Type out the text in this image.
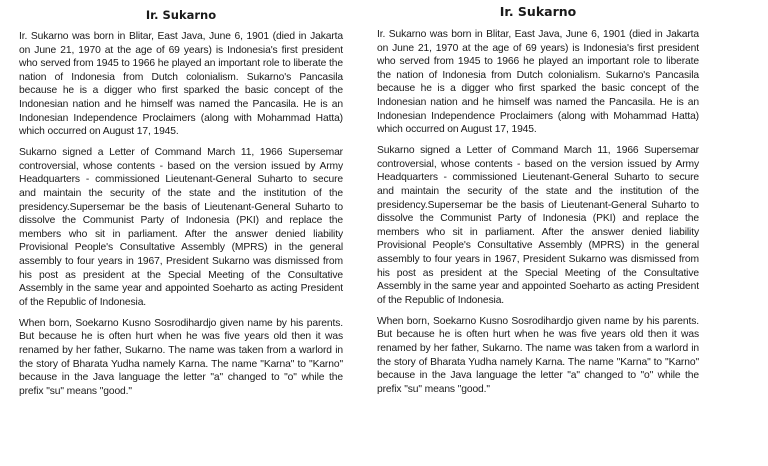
Ir. Sukarno

Ir. Sukarno was born in Blitar, East Java, June 6, 1901 (died in Jakarta on June 21, 1970 at the age of 69 years) is Indonesia's first president who served from 1945 to 1966 he played an important role to liberate the nation of Indonesia from Dutch colonialism. Sukarno's Pancasila because he is a digger who first sparked the basic concept of the Indonesian nation and he himself was named the Pancasila. He is an Indonesian Independence Proclaimers (along with Mohammad Hatta) which occurred on August 17, 1945.

Sukarno signed a Letter of Command March 11, 1966 Supersemar controversial, whose contents - based on the version issued by Army Headquarters - commissioned Lieutenant-General Suharto to secure and maintain the security of the state and the institution of the presidency.Supersemar be the basis of Lieutenant-General Suharto to dissolve the Communist Party of Indonesia (PKI) and replace the members who sit in parliament. After the answer denied liability Provisional People's Consultative Assembly (MPRS) in the general assembly to four years in 1967, President Sukarno was dismissed from his post as president at the Special Meeting of the Consultative Assembly in the same year and appointed Soeharto as acting President of the Republic of Indonesia.

When born, Soekarno Kusno Sosrodihardjo given name by his parents. But because he is often hurt when he was five years old then it was renamed by her father, Sukarno. The name was taken from a warlord in the story of Bharata Yudha namely Karna. The name "Karna" to "Karno" because in the Java language the letter "a" changed to "o" while the prefix "su" means "good."

Ir. Sukarno

Ir. Sukarno was born in Blitar, East Java, June 6, 1901 (died in Jakarta on June 21, 1970 at the age of 69 years) is Indonesia's first president who served from 1945 to 1966 he played an important role to liberate the nation of Indonesia from Dutch colonialism. Sukarno's Pancasila because he is a digger who first sparked the basic concept of the Indonesian nation and he himself was named the Pancasila. He is an Indonesian Independence Proclaimers (along with Mohammad Hatta) which occurred on August 17, 1945.

Sukarno signed a Letter of Command March 11, 1966 Supersemar controversial, whose contents - based on the version issued by Army Headquarters - commissioned Lieutenant-General Suharto to secure and maintain the security of the state and the institution of the presidency.Supersemar be the basis of Lieutenant-General Suharto to dissolve the Communist Party of Indonesia (PKI) and replace the members who sit in parliament. After the answer denied liability Provisional People's Consultative Assembly (MPRS) in the general assembly to four years in 1967, President Sukarno was dismissed from his post as president at the Special Meeting of the Consultative Assembly in the same year and appointed Soeharto as acting President of the Republic of Indonesia.

When born, Soekarno Kusno Sosrodihardjo given name by his parents. But because he is often hurt when he was five years old then it was renamed by her father, Sukarno. The name was taken from a warlord in the story of Bharata Yudha namely Karna. The name "Karna" to "Karno" because in the Java language the letter "a" changed to "o" while the prefix "su" means "good."
